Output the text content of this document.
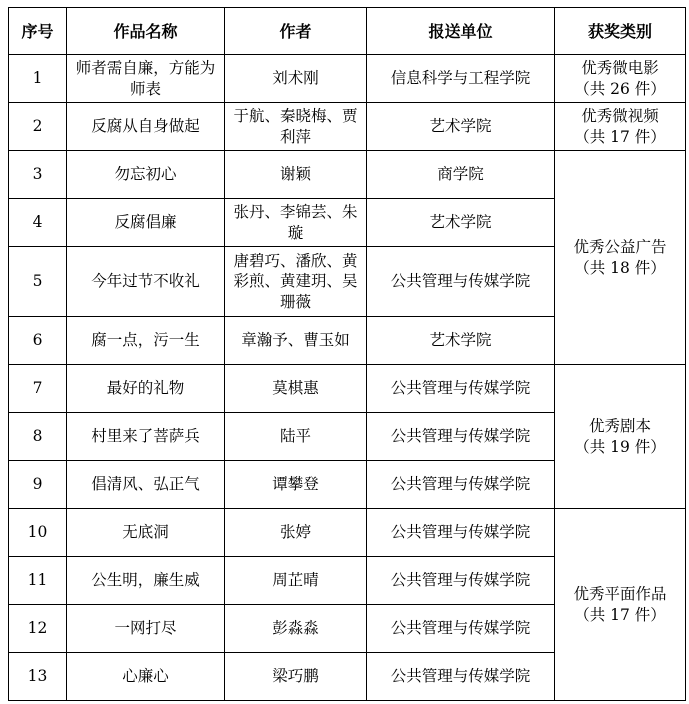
序号	作品名称	作者	报送单位	获奖类别
1	师者需自廉，方能为师表	刘术刚	信息科学与工程学院	优秀微电影
（共 26 件）

2	反腐从自身做起	于航、秦晓梅、贾利萍	艺术学院	优秀微视频
（共 17 件）

3	勿忘初心	谢颖	商学院	优秀公益广告
（共 18 件）

4	反腐倡廉	张丹、李锦芸、朱璇	艺术学院	
5	今年过节不收礼	唐碧巧、潘欣、黄彩煎、黄建玥、吴珊薇	公共管理与传媒学院	
6	腐一点，污一生	章瀚予、曹玉如	艺术学院	
7	最好的礼物	莫棋惠	公共管理与传媒学院	优秀剧本
（共 19 件）

8	村里来了菩萨兵	陆平	公共管理与传媒学院	
9	倡清风、弘正气	谭攀登	公共管理与传媒学院	
10	无底洞	张婷	公共管理与传媒学院	优秀平面作品
（共 17 件）

11	公生明，廉生威	周芷晴	公共管理与传媒学院	
12	一网打尽	彭淼淼	公共管理与传媒学院	
13	心廉心	梁巧鹏	公共管理与传媒学院	
